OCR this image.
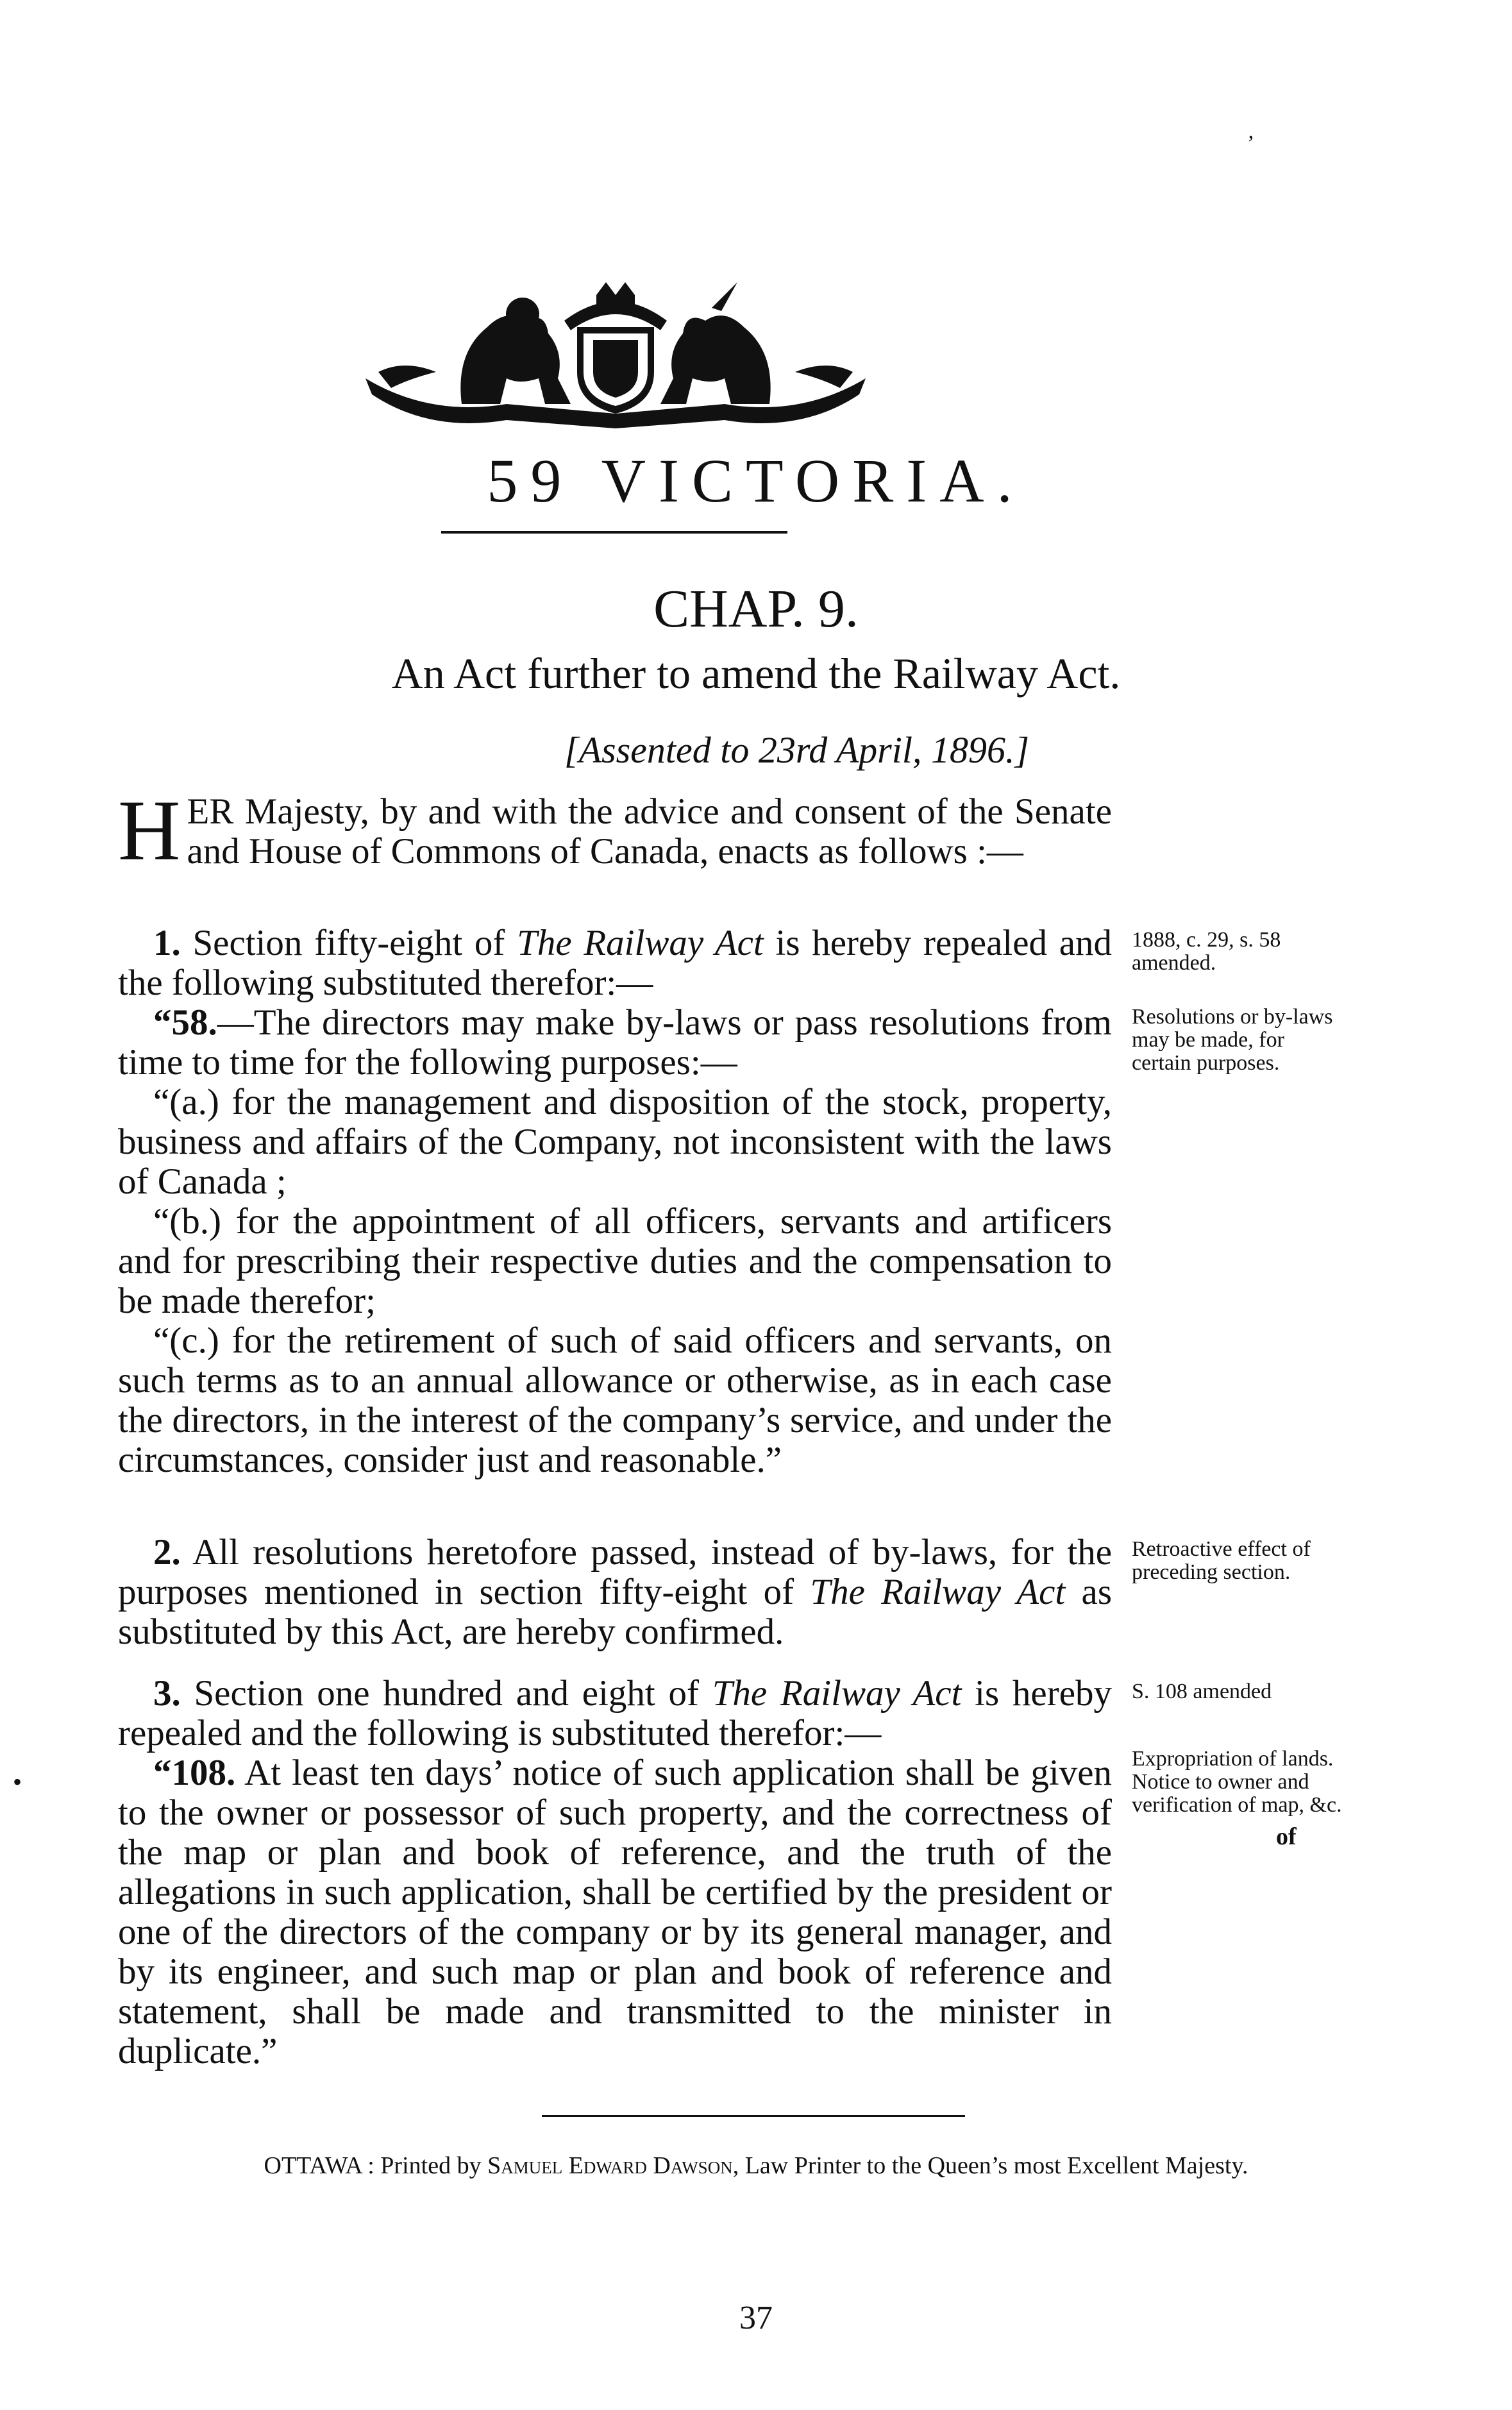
’
59 VICTORIA.
CHAP. 9.
An Act further to amend the Railway Act.
[Assented to 23rd April, 1896.]

HER Majesty, by and with the advice and consent of the Senate and House of Commons of Canada, enacts as follows :—

1. Section fifty-eight of The Railway Act is hereby repealed and the following substituted therefor:—

“58.—The directors may make by-laws or pass resolutions from time to time for the following purposes:—

“(a.) for the management and disposition of the stock, property, business and affairs of the Company, not inconsistent with the laws of Canada ;

“(b.) for the appointment of all officers, servants and artificers and for prescribing their respective duties and the compensation to be made therefor;

“(c.) for the retirement of such of said officers and servants, on such terms as to an annual allowance or otherwise, as in each case the directors, in the interest of the company’s service, and under the circumstances, consider just and reasonable.”

2. All resolutions heretofore passed, instead of by-laws, for the purposes mentioned in section fifty-eight of The Railway Act as substituted by this Act, are hereby confirmed.

3. Section one hundred and eight of The Railway Act is hereby repealed and the following is substituted therefor:—

“108. At least ten days’ notice of such application shall be given to the owner or possessor of such property, and the correctness of the map or plan and book of reference, and the truth of the allegations in such application, shall be certified by the president or one of the directors of the company or by its general manager, and by its engineer, and such map or plan and book of reference and statement, shall be made and transmitted to the minister in duplicate.”

1888, c. 29, s. 58 amended.
Resolutions or by-laws may be made, for certain purposes.
Retroactive effect of preceding section.
S. 108 amended
Expropriation of lands. Notice to owner and verification of map, &c.
•
of
OTTAWA : Printed by Samuel Edward Dawson, Law Printer to the Queen’s most Excellent Majesty.
37
